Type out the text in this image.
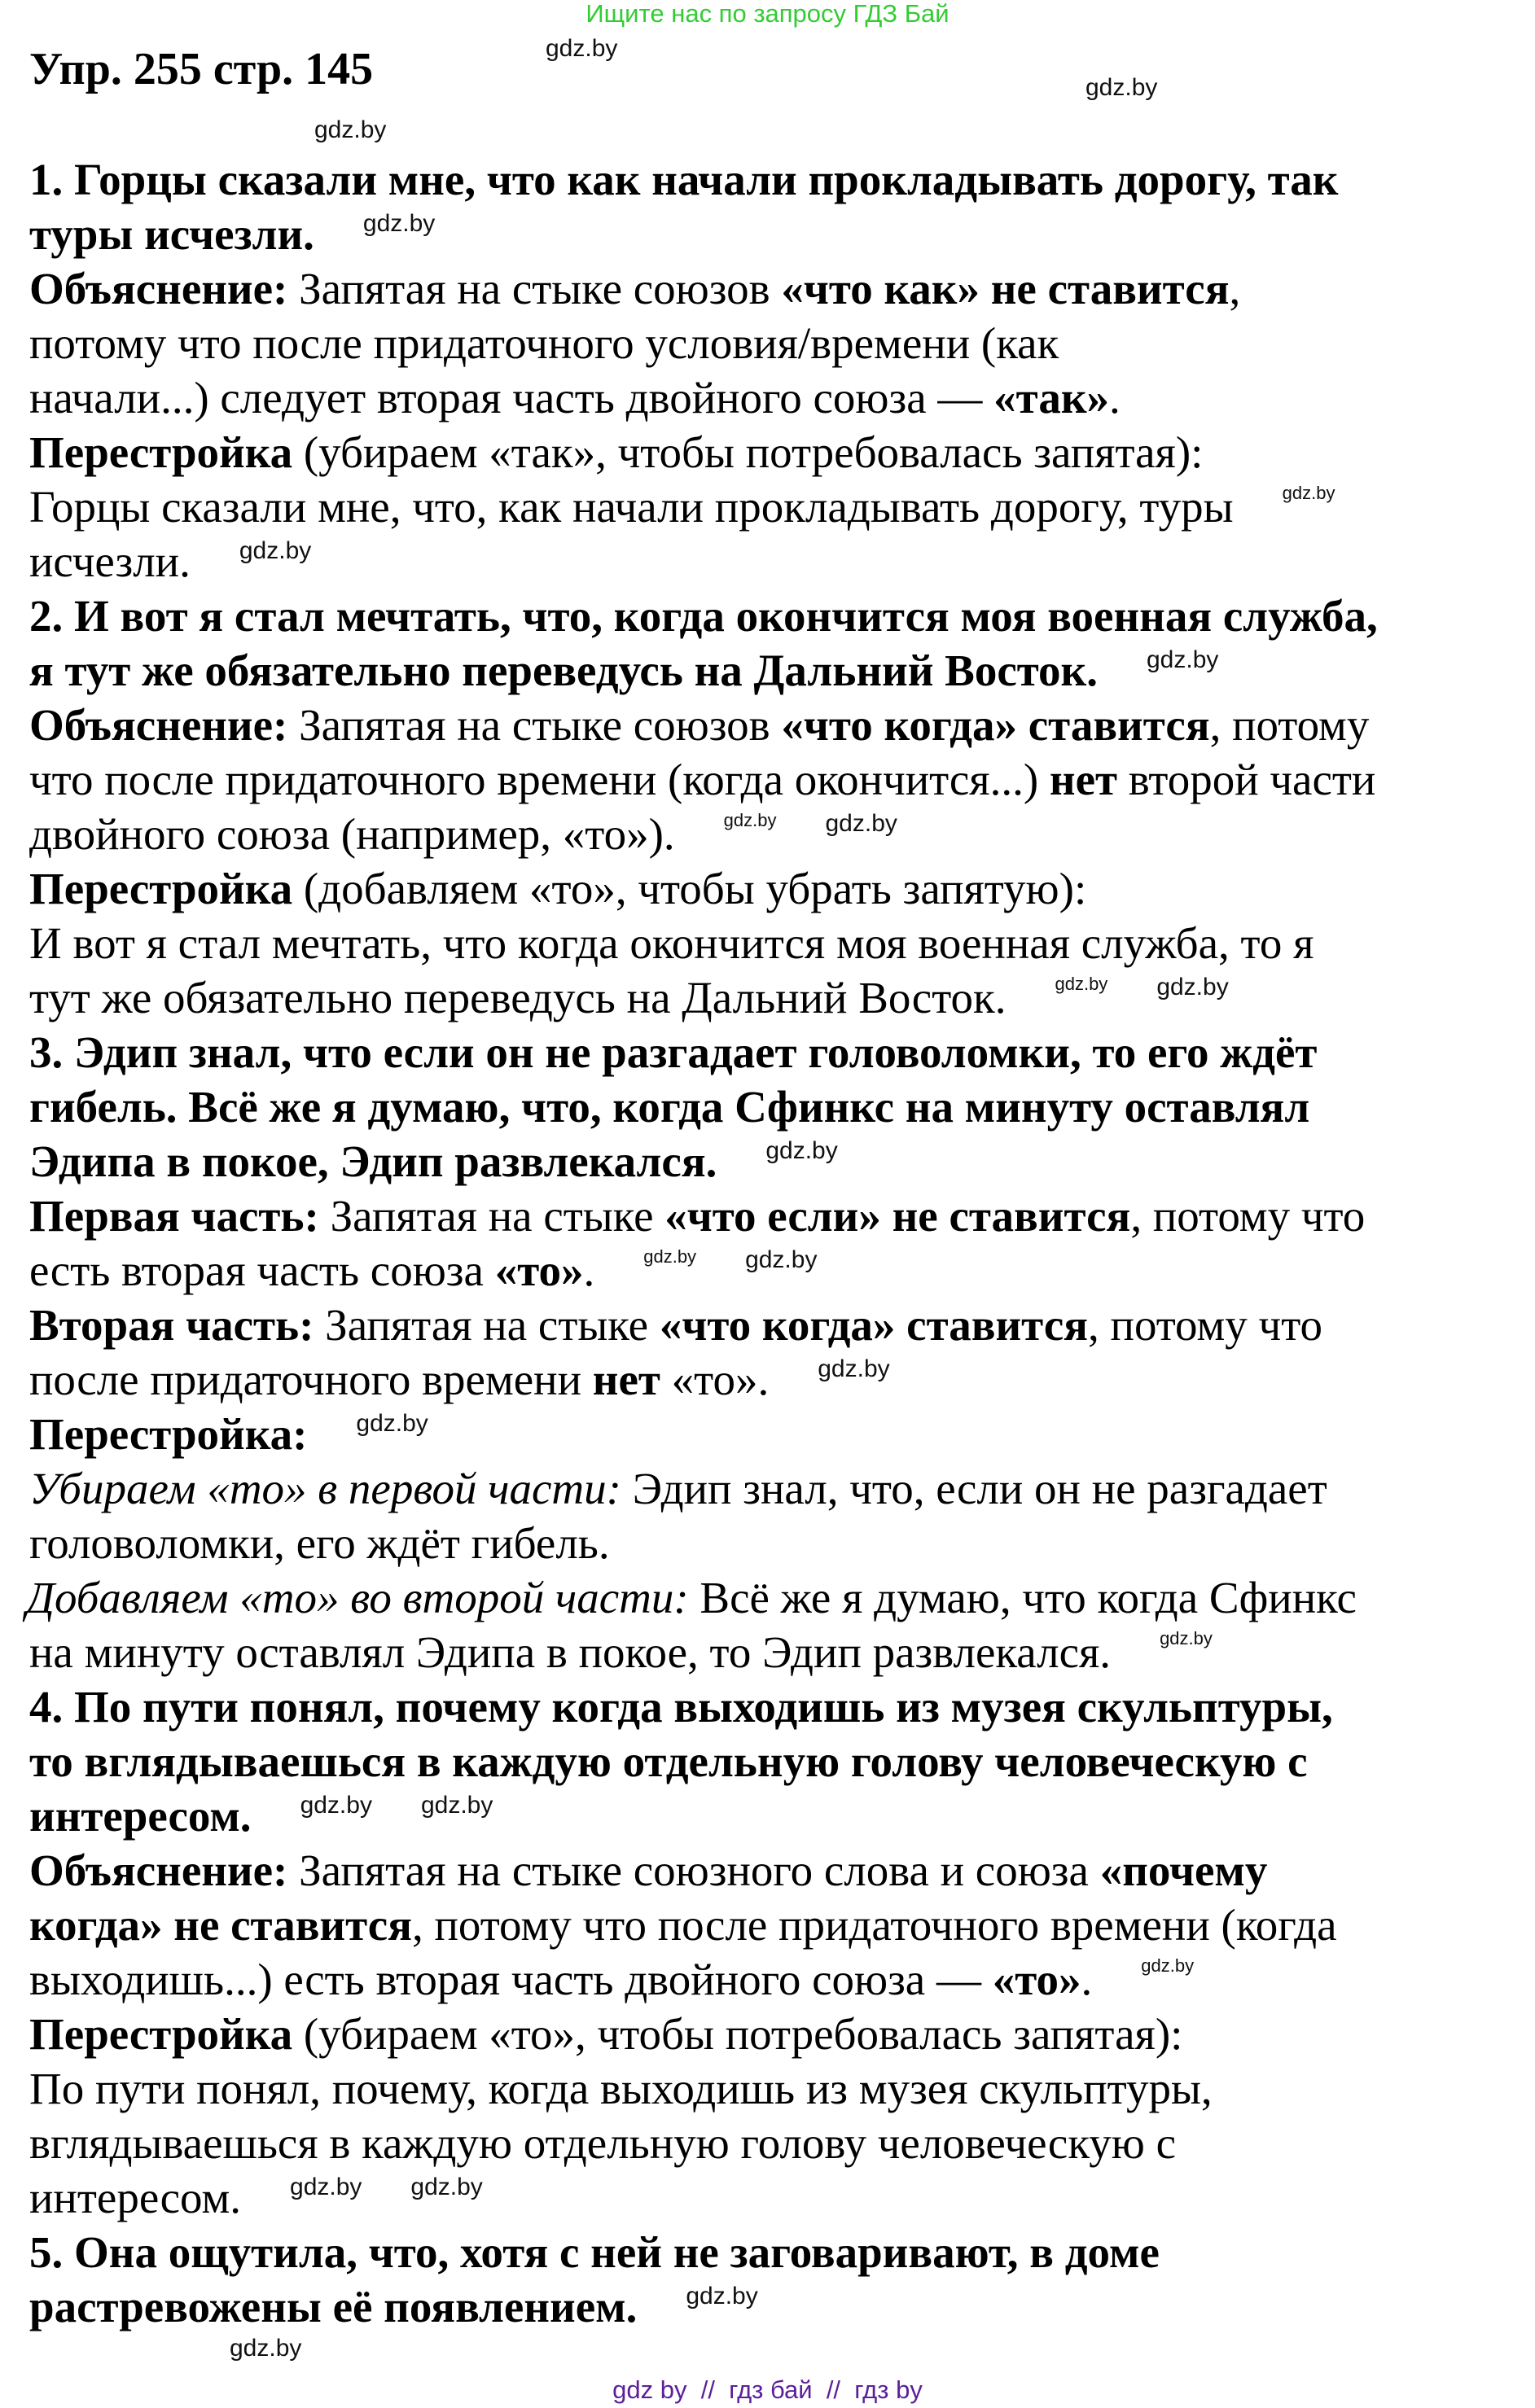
Ищите нас по запросу ГДЗ Бай
Упр. 255 стр. 145
1. Горцы сказали мне, что как начали прокладывать дорогу, так
туры исчезли. gdz.by
Объяснение: Запятая на стыке союзов «что как» не ставится,
потому что после придаточного условия/времени (как
начали...) следует вторая часть двойного союза — «так».
Перестройка (убираем «так», чтобы потребовалась запятая):
Горцы сказали мне, что, как начали прокладывать дорогу, туры	gdz.by
исчезли. gdz.by
2. И вот я стал мечтать, что, когда окончится моя военная служба,
я тут же обязательно переведусь на Дальний Восток. gdz.by
Объяснение: Запятая на стыке союзов «что когда» ставится, потому
что после придаточного времени (когда окончится...) нет второй части
двойного союза (например, «то»).	gdz.by gdz.by
Перестройка (добавляем «то», чтобы убрать запятую):
И вот я стал мечтать, что когда окончится моя военная служба, то я
тут же обязательно переведусь на Дальний Восток.	gdz.by gdz.by
3. Эдип знал, что если он не разгадает головоломки, то его ждёт
гибель. Всё же я думаю, что, когда Сфинкс на минуту оставлял
Эдипа в покое, Эдип развлекался. gdz.by
Первая часть: Запятая на стыке «что если» не ставится, потому что
есть вторая часть союза «то».	gdz.by gdz.by
Вторая часть: Запятая на стыке «что когда» ставится, потому что
после придаточного времени нет «то». gdz.by
Перестройка: gdz.by
Убираем «то» в первой части: Эдип знал, что, если он не разгадает
головоломки, его ждёт гибель.
Добавляем «то» во второй части: Всё же я думаю, что когда Сфинкс
на минуту оставлял Эдипа в покое, то Эдип развлекался.	gdz.by
4. По пути понял, почему когда выходишь из музея скульптуры,
то вглядываешься в каждую отдельную голову человеческую с
интересом. gdz.by gdz.by
Объяснение: Запятая на стыке союзного слова и союза «почему
когда» не ставится, потому что после придаточного времени (когда
выходишь...) есть вторая часть двойного союза — «то».	gdz.by
Перестройка (убираем «то», чтобы потребовалась запятая):
По пути понял, почему, когда выходишь из музея скульптуры,
вглядываешься в каждую отдельную голову человеческую с
интересом. gdz.by gdz.by
5. Она ощутила, что, хотя с ней не заговаривают, в доме
растревожены её появлением. gdz.by
gdz.by
gdz.by
gdz.by
gdz.by
gdz by  //  гдз бай  //  гдз by
